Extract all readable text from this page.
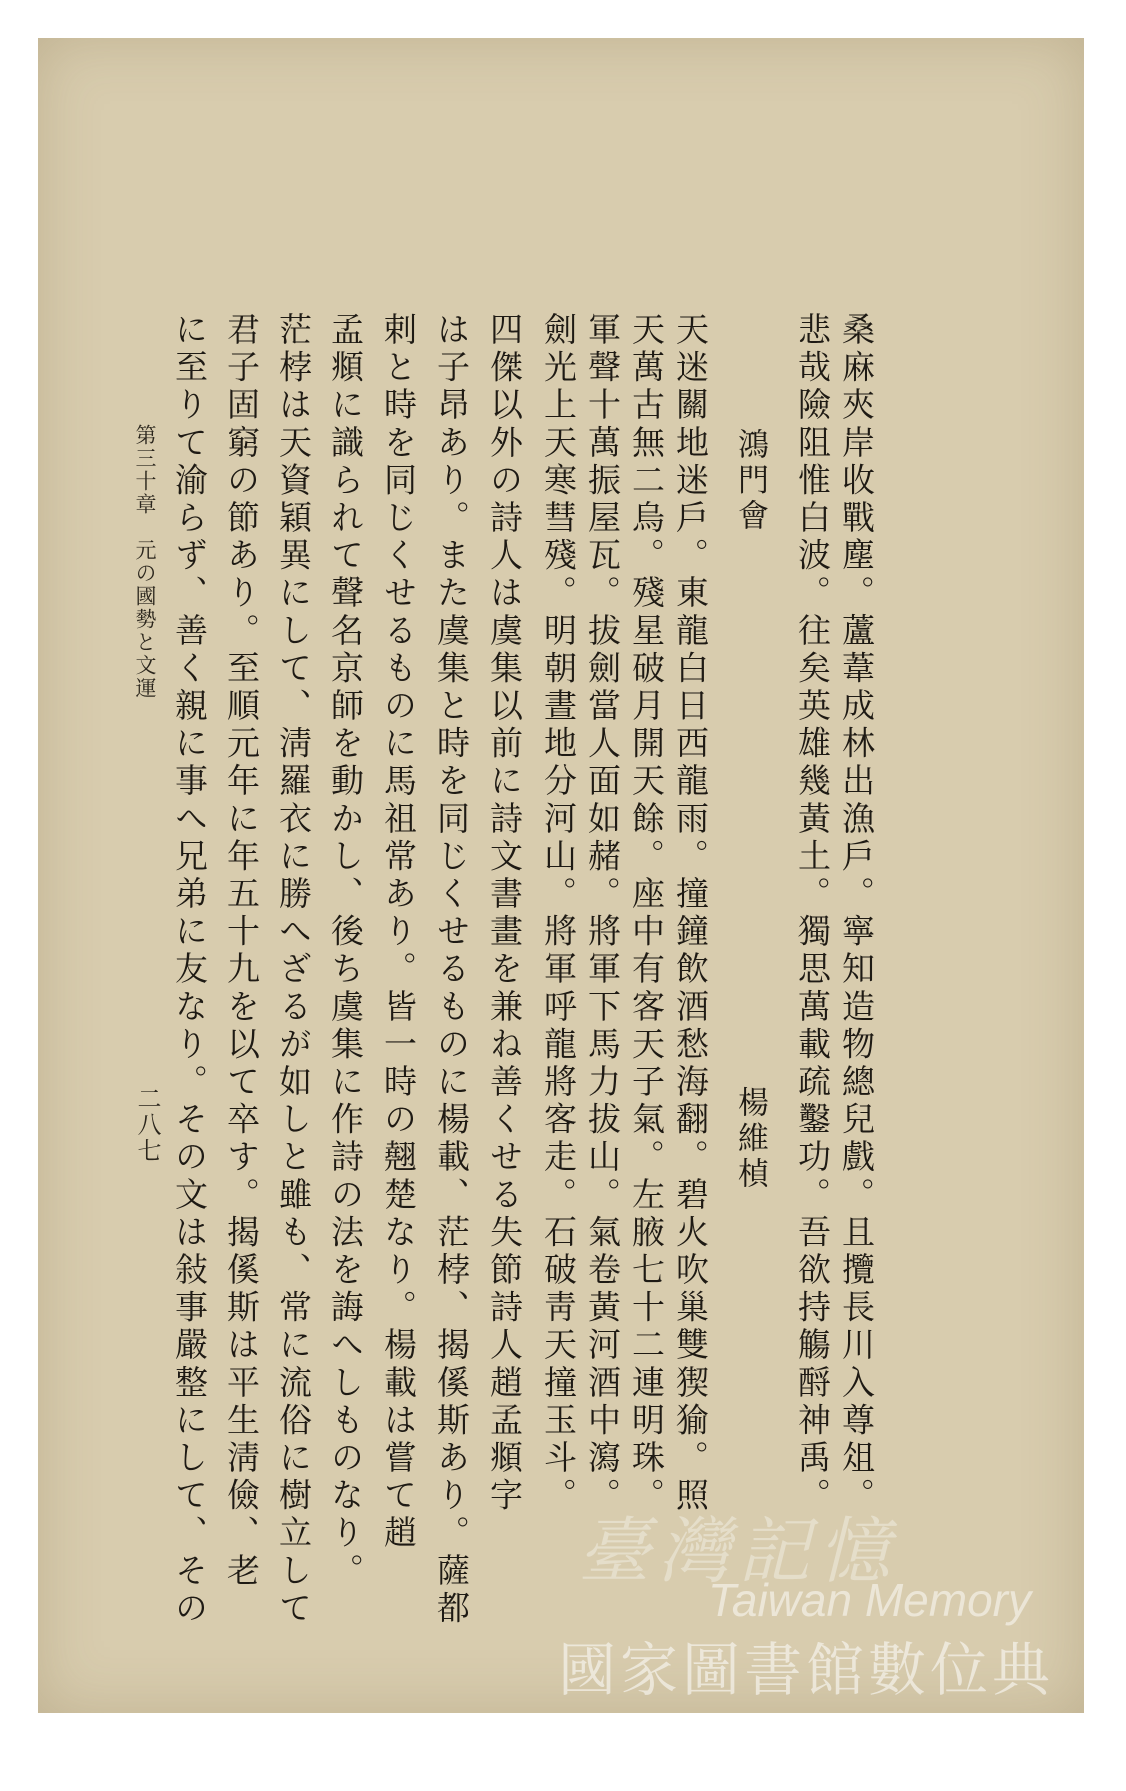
桑麻夾岸收戰塵。蘆葦成林出漁戶。寧知造物總兒戲。且攬長川入尊俎。
悲哉險阻惟白波。往矣英雄幾黃土。獨思萬載疏鑿功。吾欲持觴酹神禹。
鴻門會
楊維楨
天迷關地迷戶。東龍白日西龍雨。撞鐘飲酒愁海翻。碧火吹巢雙猰㺄。照
天萬古無二烏。殘星破月開天餘。座中有客天子氣。左腋七十二連明珠。
軍聲十萬振屋瓦。拔劍當人面如赭。將軍下馬力拔山。氣卷黃河酒中瀉。
劍光上天寒彗殘。明朝晝地分河山。將軍呼龍將客走。石破靑天撞玉斗。
四傑以外の詩人は虞集以前に詩文書畫を兼ね善くせる失節詩人趙孟頫字
は子昂あり。また虞集と時を同じくせるものに楊載、茫桲、揭傒斯あり。薩都
剌と時を同じくせるものに馬祖常あり。皆一時の翹楚なり。楊載は嘗て趙
孟頫に識られて聲名京師を動かし、後ち虞集に作詩の法を誨へしものなり。
茫桲は天資穎異にして、淸羅衣に勝へざるが如しと雖も、常に流俗に樹立して
君子固窮の節あり。至順元年に年五十九を以て卒す。揭傒斯は平生淸儉、老
に至りて渝らず、善く親に事へ兄弟に友なり。その文は敍事嚴整にして、その
第三十章　元の國勢と文運
二八七
臺灣記憶
Taiwan Memory
國家圖書館數位典藏
